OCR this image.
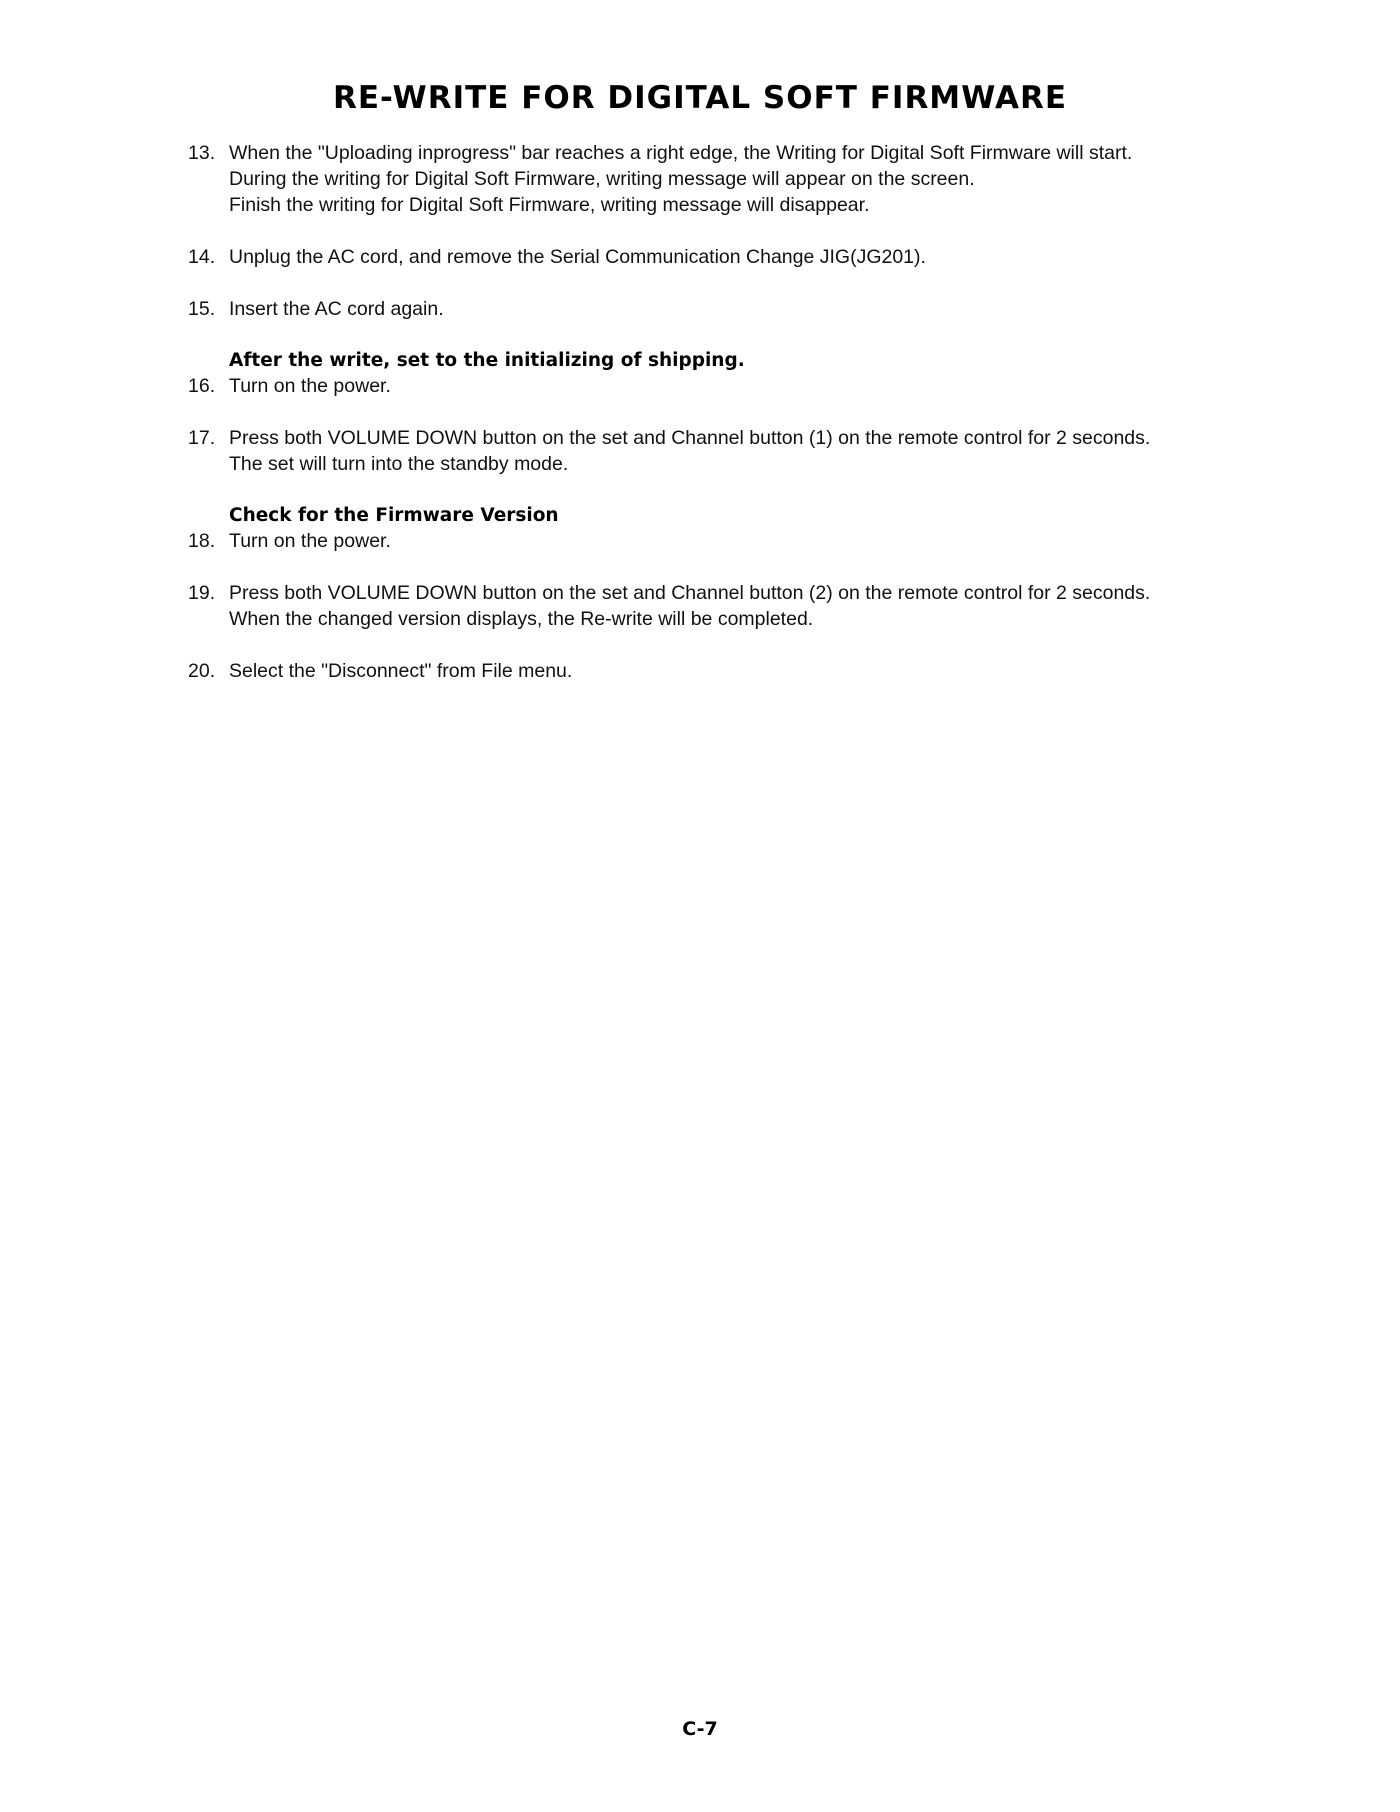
RE-WRITE FOR DIGITAL SOFT FIRMWARE
13. When the "Uploading inprogress" bar reaches a right edge, the Writing for Digital Soft Firmware will start.
During the writing for Digital Soft Firmware, writing message will appear on the screen.
Finish the writing for Digital Soft Firmware, writing message will disappear.
14. Unplug the AC cord, and remove the Serial Communication Change JIG(JG201).
15. Insert the AC cord again.
After the write, set to the initializing of shipping.
16. Turn on the power.
17. Press both VOLUME DOWN button on the set and Channel button (1) on the remote control for 2 seconds.
The set will turn into the standby mode.
Check for the Firmware Version
18. Turn on the power.
19. Press both VOLUME DOWN button on the set and Channel button (2) on the remote control for 2 seconds.
When the changed version displays, the Re-write will be completed.
20. Select the "Disconnect" from File menu.
C-7
